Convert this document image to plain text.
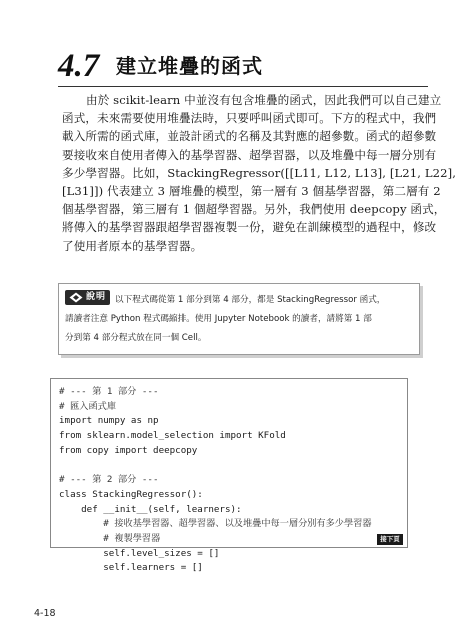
4.7 建立堆疊的函式

由於 scikit-learn 中並沒有包含堆疊的函式，因此我們可以自己建立
函式，未來需要使用堆疊法時，只要呼叫函式即可。下方的程式中，我們
載入所需的函式庫，並設計函式的名稱及其對應的超參數。函式的超參數
要接收來自使用者傳入的基學習器、超學習器，以及堆疊中每一層分別有
多少學習器。比如，StackingRegressor([[L11, L12, L13], [L21, L22],
[L31]]) 代表建立 3 層堆疊的模型，第一層有 3 個基學習器，第二層有 2
個基學習器，第三層有 1 個超學習器。另外，我們使用 deepcopy 函式，
將傳入的基學習器跟超學習器複製一份，避免在訓練模型的過程中，修改
了使用者原本的基學習器。

說明	以下程式碼從第 1 部分到第 4 部分，都是 StackingRegressor 函式，
請讀者注意 Python 程式碼縮排。使用 Jupyter Notebook 的讀者，請將第 1 部
分到第 4 部分程式放在同一個 Cell。
# --- 第 1 部分 ---
# 匯入函式庫
import numpy as np
from sklearn.model_selection import KFold
from copy import deepcopy
# --- 第 2 部分 ---
class StackingRegressor():
def __init__(self, learners):
# 接收基學習器、超學習器、以及堆疊中每一層分別有多少學習器
# 複製學習器
self.level_sizes = []
self.learners = []
接下頁
4-18
